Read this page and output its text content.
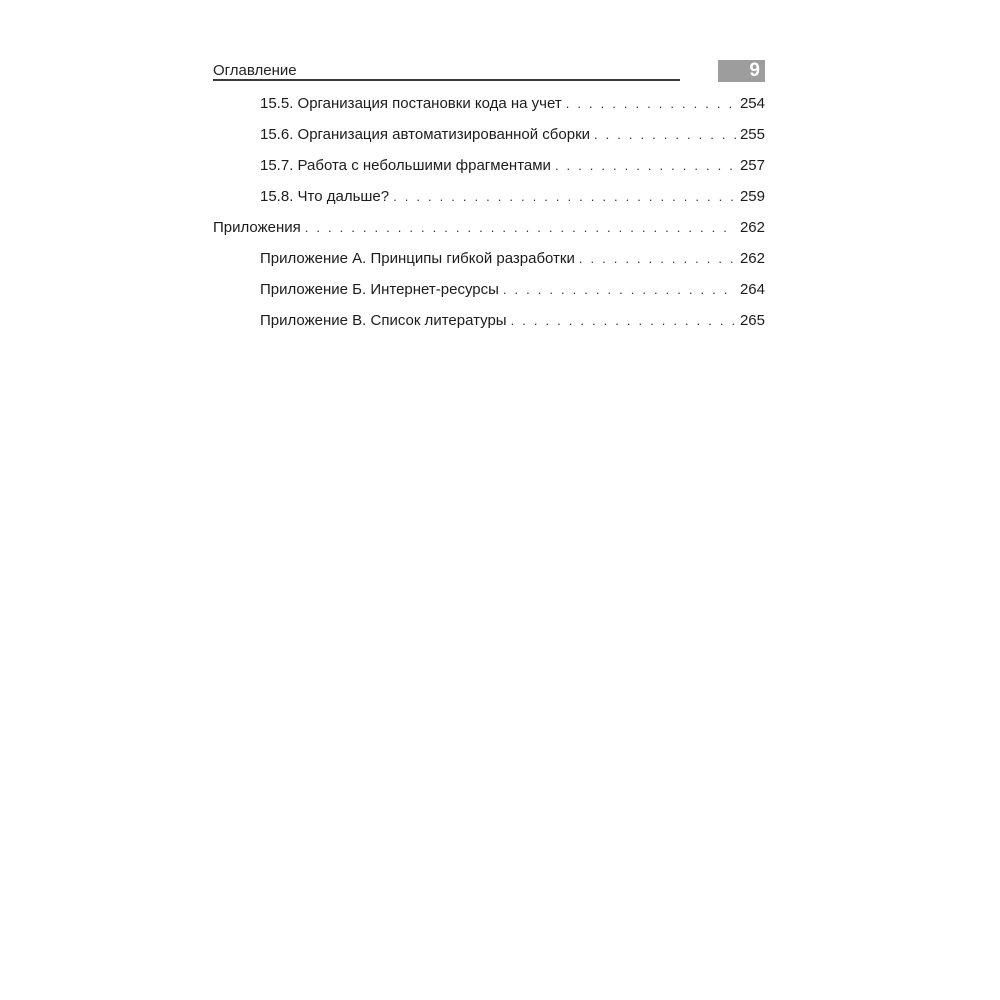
Оглавление	9
15.5. Организация постановки кода на учет . . .	254
15.6. Организация автоматизированной сборки . . .	255
15.7. Работа с небольшими фрагментами . . .	257
15.8. Что дальше? . . .	259
Приложения . . .	262
Приложение А. Принципы гибкой разработки . . .	262
Приложение Б. Интернет-ресурсы . . .	264
Приложение В. Список литературы . . .	265
